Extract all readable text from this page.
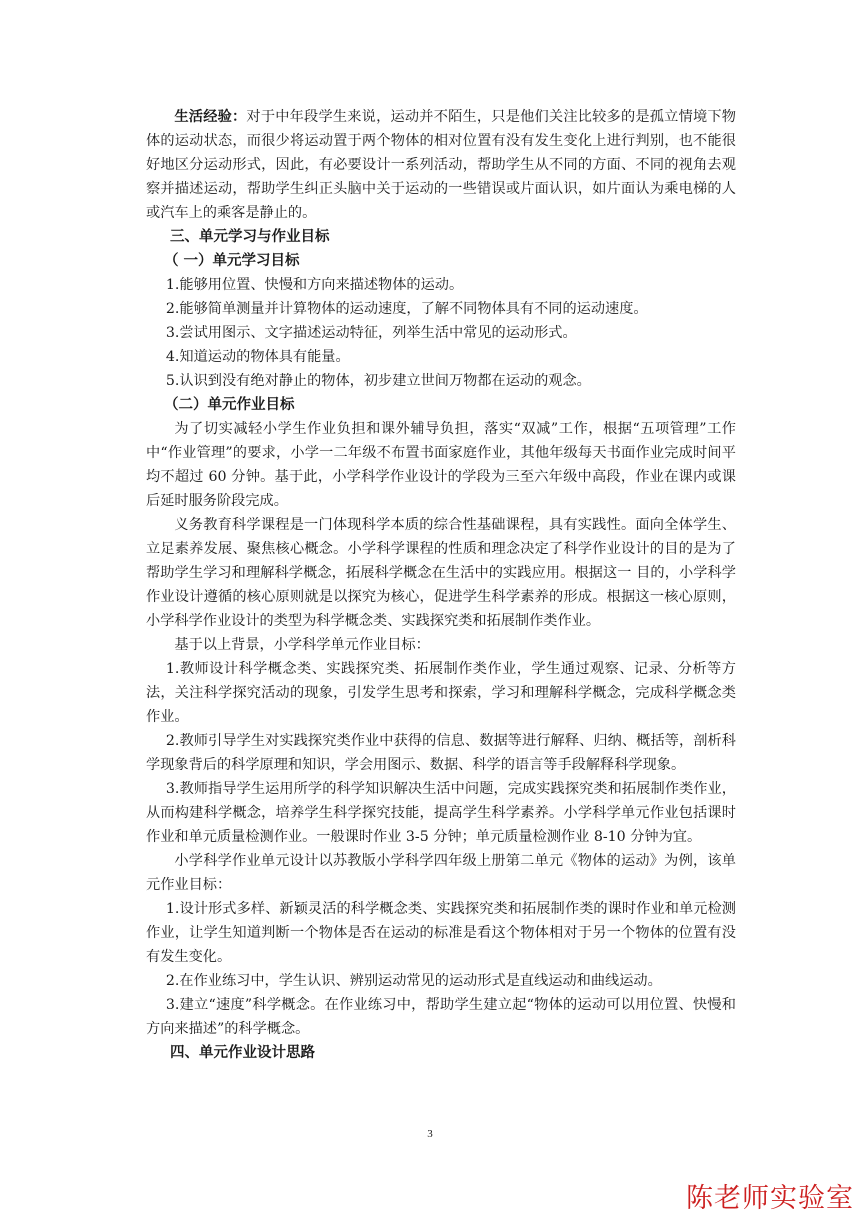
生活经验：对于中年段学生来说，运动并不陌生，只是他们关注比较多的是孤立情境下物体的运动状态，而很少将运动置于两个物体的相对位置有没有发生变化上进行判别，也不能很好地区分运动形式，因此，有必要设计一系列活动，帮助学生从不同的方面、不同的视角去观察并描述运动，帮助学生纠正头脑中关于运动的一些错误或片面认识，如片面认为乘电梯的人或汽车上的乘客是静止的。

三、单元学习与作业目标
（ 一）单元学习目标

1.能够用位置、快慢和方向来描述物体的运动。

2.能够简单测量并计算物体的运动速度，了解不同物体具有不同的运动速度。

3.尝试用图示、文字描述运动特征，列举生活中常见的运动形式。

4.知道运动的物体具有能量。

5.认识到没有绝对静止的物体，初步建立世间万物都在运动的观念。

（二）单元作业目标

为了切实减轻小学生作业负担和课外辅导负担，落实“双减”工作，根据“五项管理”工作中“作业管理”的要求，小学一二年级不布置书面家庭作业，其他年级每天书面作业完成时间平均不超过 60 分钟。基于此，小学科学作业设计的学段为三至六年级中高段，作业在课内或课后延时服务阶段完成。

义务教育科学课程是一门体现科学本质的综合性基础课程，具有实践性。面向全体学生、立足素养发展、聚焦核心概念。小学科学课程的性质和理念决定了科学作业设计的目的是为了帮助学生学习和理解科学概念，拓展科学概念在生活中的实践应用。根据这一 目的，小学科学作业设计遵循的核心原则就是以探究为核心，促进学生科学素养的形成。根据这一核心原则，小学科学作业设计的类型为科学概念类、实践探究类和拓展制作类作业。

基于以上背景，小学科学单元作业目标：

1.教师设计科学概念类、实践探究类、拓展制作类作业，学生通过观察、记录、分析等方法，关注科学探究活动的现象，引发学生思考和探索，学习和理解科学概念，完成科学概念类作业。

2.教师引导学生对实践探究类作业中获得的信息、数据等进行解释、归纳、概括等，剖析科学现象背后的科学原理和知识，学会用图示、数据、科学的语言等手段解释科学现象。

3.教师指导学生运用所学的科学知识解决生活中问题，完成实践探究类和拓展制作类作业，从而构建科学概念，培养学生科学探究技能，提高学生科学素养。小学科学单元作业包括课时作业和单元质量检测作业。一般课时作业 3-5 分钟；单元质量检测作业 8-10 分钟为宜。

小学科学作业单元设计以苏教版小学科学四年级上册第二单元《物体的运动》为例，该单元作业目标：

1.设计形式多样、新颖灵活的科学概念类、实践探究类和拓展制作类的课时作业和单元检测作业，让学生知道判断一个物体是否在运动的标准是看这个物体相对于另一个物体的位置有没有发生变化。

2.在作业练习中，学生认识、辨别运动常见的运动形式是直线运动和曲线运动。

3.建立“速度”科学概念。在作业练习中，帮助学生建立起“物体的运动可以用位置、快慢和方向来描述”的科学概念。

四、单元作业设计思路
3
陈老师实验室
